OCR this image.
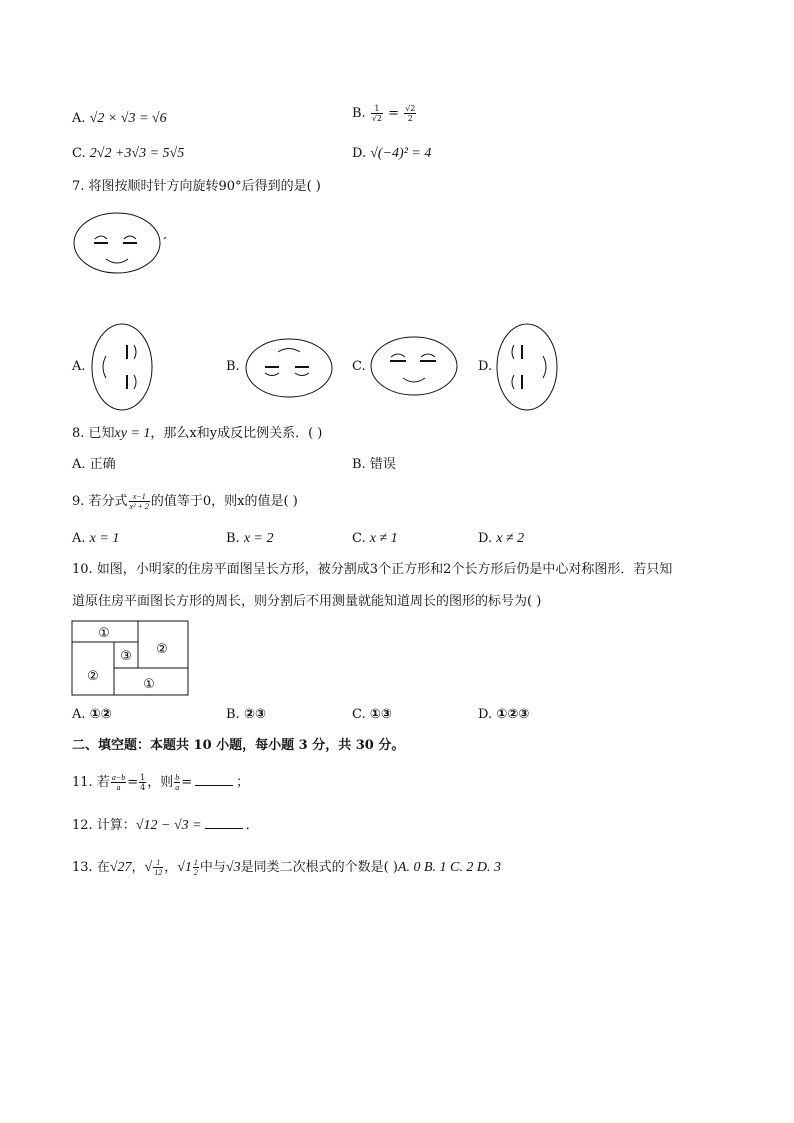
A. √2 × √3 = √6	B. $\frac{1}{√2} = \frac{√2}{2}$
C. 2√2 +3√3 = 5√5	D. √(−4)² = 4
7. 将图按顺时针方向旋转90°后得到的是( )
A.	B.	C.	D.
8. 已知xy = 1，那么x和y成反比例关系．( )
A. 正确	B. 错误
9. 若分式 $\frac{x-1}{\text{x² + 2}}$ 的值等于0，则x的值是( )
A. x = 1	B. x = 2	C. x ≠ 1	D. x ≠ 2
10. 如图，小明家的住房平面图呈长方形，被分割成3个正方形和2个长方形后仍是中心对称图形．若只知
道原住房平面图长方形的周长，则分割后不用测量就能知道周长的图形的标号为( )
①
②
③ ②
①
A. ①②	B. ②③	C. ①③	D. ①②③
二、填空题：本题共 10 小题，每小题 3 分，共 30 分。
11. 若 $\frac{a-b}{a} = \frac{1}{4}$ ，则 $\frac{b}{a}$ =	；
12. 计算：√12 − √3 =	．
13. 在√27，√ $\frac{1}{12}$ ，$√1 \frac{1}{2}$ 中与√3是同类二次根式的个数是( )A. 0 B. 1 C. 2 D. 3
